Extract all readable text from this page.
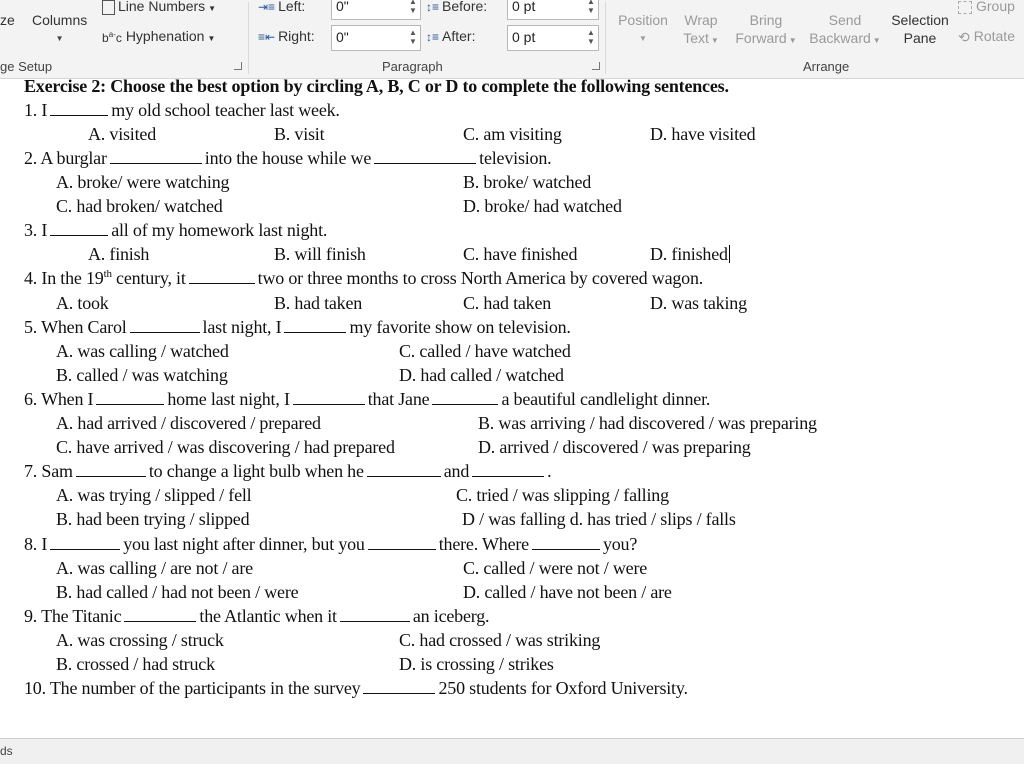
ze Columns
▼
Line Numbers ▼
$b^{a-}c$ Hyphenation ▼
ge Setup
⇥≡ Left: 0"	▲
▼
≡⇤ Right: 0"	▲
▼
↕≡ Before: 0 pt	▲
▼
↕≡ After:	0 pt	▲
▼
Paragraph
Position
▼
Wrap
Text ▼
Bring
Forward ▼
Send
Backward ▼
Selection
Pane
Group
⟲ Rotate
Arrange
Exercise 2: Choose the best option by circling A, B, C or D to complete the following sentences.
1. I	my old school teacher last week.
A. visited	B. visit	C. am visiting	D. have visited
2. A burglar	into the house while we	television.
A. broke/ were watching	B. broke/ watched
C. had broken/ watched	D. broke/ had watched
3. I	all of my homework last night.
A. finish	B. will finish	C. have finished	D. finished
4. In the 19th century, it	two or three months to cross North America by covered wagon.
A. took	B. had taken	C. had taken	D. was taking
5. When Carol	last night, I	my favorite show on television.
A. was calling / watched	C. called / have watched
B. called / was watching	D. had called / watched
6. When I	home last night, I	that Jane	a beautiful candlelight dinner.
A. had arrived / discovered / prepared	B. was arriving / had discovered / was preparing
C. have arrived / was discovering / had prepared	D. arrived / discovered / was preparing
7. Sam	to change a light bulb when he	and	.
A. was trying / slipped / fell	C. tried / was slipping / falling
B. had been trying / slipped	D / was falling d. has tried / slips / falls
8. I	you last night after dinner, but you	there. Where	you?
A. was calling / are not / are	C. called / were not / were
B. had called / had not been / were	D. called / have not been / are
9. The Titanic	the Atlantic when it	an iceberg.
A. was crossing / struck	C. had crossed / was striking
B. crossed / had struck	D. is crossing / strikes
10. The number of the participants in the survey	250 students for Oxford University.
ds
